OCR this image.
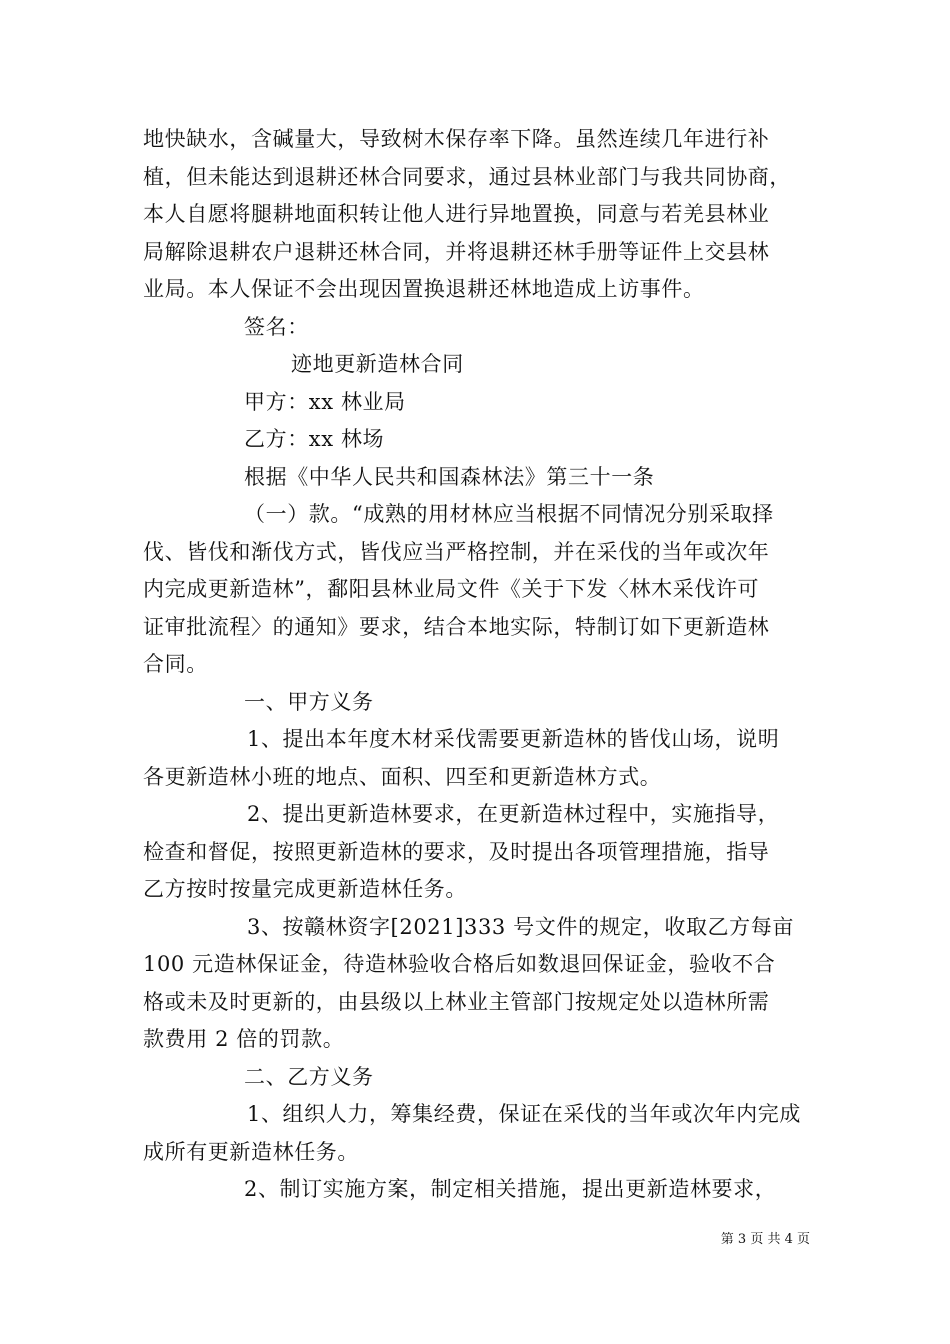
地快缺水，含碱量大，导致树木保存率下降。虽然连续几年进行补
植，但未能达到退耕还林合同要求，通过县林业部门与我共同协商，
本人自愿将腿耕地面积转让他人进行异地置换，同意与若羌县林业
局解除退耕农户退耕还林合同，并将退耕还林手册等证件上交县林
业局。本人保证不会出现因置换退耕还林地造成上访事件。
签名：
迹地更新造林合同
甲方：xx 林业局
乙方：xx 林场
根据《中华人民共和国森林法》第三十一条
（一）款。“成熟的用材林应当根据不同情况分别采取择
伐、皆伐和渐伐方式，皆伐应当严格控制，并在采伐的当年或次年
内完成更新造林”，鄱阳县林业局文件《关于下发〈林木采伐许可
证审批流程〉的通知》要求，结合本地实际，特制订如下更新造林
合同。
一、甲方义务
1、提出本年度木材采伐需要更新造林的皆伐山场，说明
各更新造林小班的地点、面积、四至和更新造林方式。
2、提出更新造林要求，在更新造林过程中，实施指导，
检查和督促，按照更新造林的要求，及时提出各项管理措施，指导
乙方按时按量完成更新造林任务。
3、按赣林资字[2021]333 号文件的规定，收取乙方每亩
100 元造林保证金，待造林验收合格后如数退回保证金，验收不合
格或未及时更新的，由县级以上林业主管部门按规定处以造林所需
款费用 2 倍的罚款。
二、乙方义务
1、组织人力，筹集经费，保证在采伐的当年或次年内完成
成所有更新造林任务。
2、制订实施方案，制定相关措施，提出更新造林要求，
第 3 页 共 4 页
